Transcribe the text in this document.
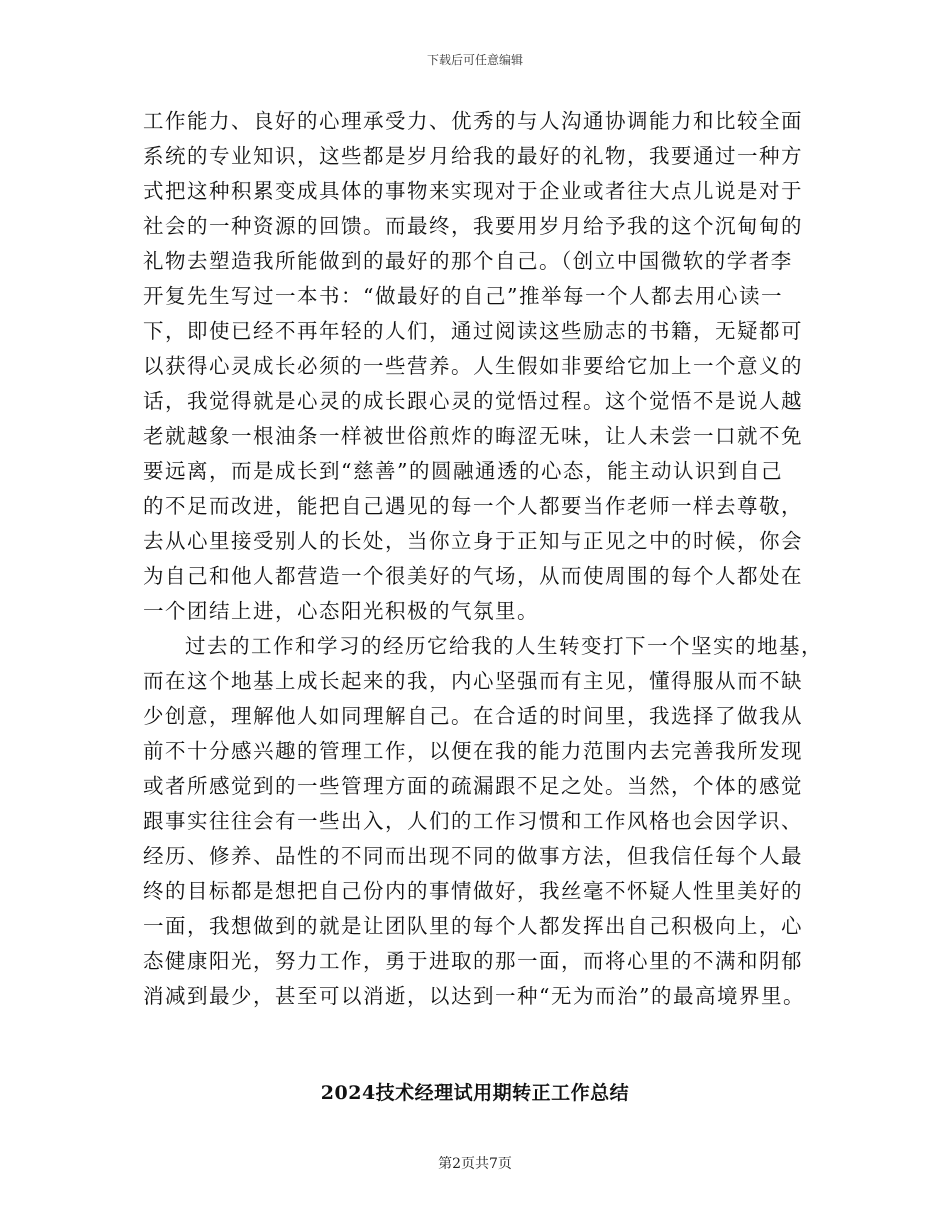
下载后可任意编辑
工作能力、良好的心理承受力、优秀的与人沟通协调能力和比较全面
系统的专业知识，这些都是岁月给我的最好的礼物，我要通过一种方
式把这种积累变成具体的事物来实现对于企业或者往大点儿说是对于
社会的一种资源的回馈。而最终，我要用岁月给予我的这个沉甸甸的
礼物去塑造我所能做到的最好的那个自己。（创立中国微软的学者李
开复先生写过一本书：“做最好的自己”推举每一个人都去用心读一
下，即使已经不再年轻的人们，通过阅读这些励志的书籍，无疑都可
以获得心灵成长必须的一些营养。人生假如非要给它加上一个意义的
话，我觉得就是心灵的成长跟心灵的觉悟过程。这个觉悟不是说人越
老就越象一根油条一样被世俗煎炸的晦涩无味，让人未尝一口就不免
要远离，而是成长到“慈善”的圆融通透的心态，能主动认识到自己
的不足而改进，能把自己遇见的每一个人都要当作老师一样去尊敬，
去从心里接受别人的长处，当你立身于正知与正见之中的时候，你会
为自己和他人都营造一个很美好的气场，从而使周围的每个人都处在
一个团结上进，心态阳光积极的气氛里。
过去的工作和学习的经历它给我的人生转变打下一个坚实的地基，
而在这个地基上成长起来的我，内心坚强而有主见，懂得服从而不缺
少创意，理解他人如同理解自己。在合适的时间里，我选择了做我从
前不十分感兴趣的管理工作，以便在我的能力范围内去完善我所发现
或者所感觉到的一些管理方面的疏漏跟不足之处。当然，个体的感觉
跟事实往往会有一些出入，人们的工作习惯和工作风格也会因学识、
经历、修养、品性的不同而出现不同的做事方法，但我信任每个人最
终的目标都是想把自己份内的事情做好，我丝毫不怀疑人性里美好的
一面，我想做到的就是让团队里的每个人都发挥出自己积极向上，心
态健康阳光，努力工作，勇于进取的那一面，而将心里的不满和阴郁
消减到最少，甚至可以消逝，以达到一种“无为而治”的最高境界里。
2024技术经理试用期转正工作总结
第2页共7页
